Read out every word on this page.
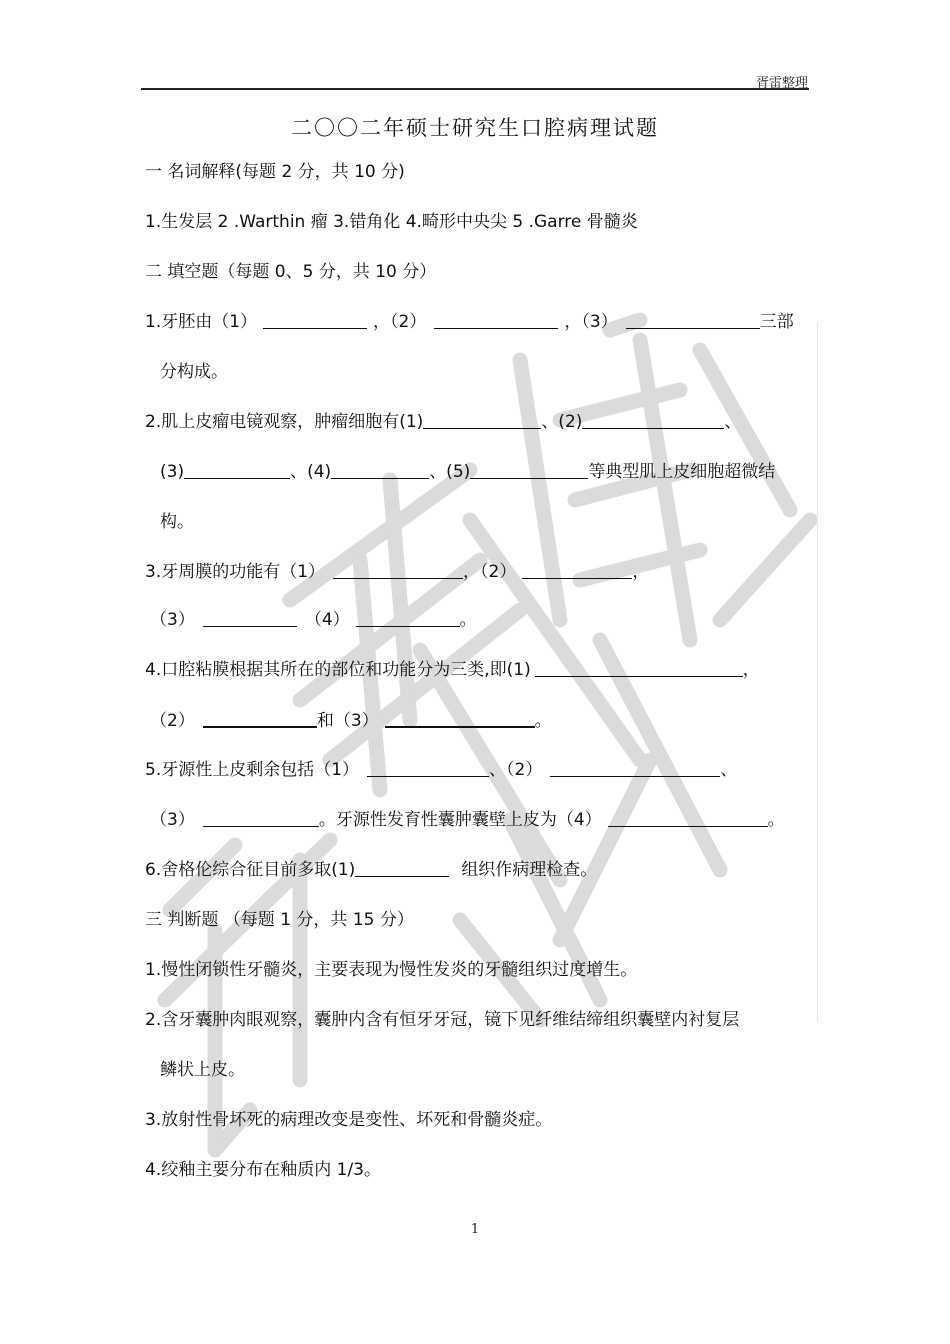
胥雷整理
二〇〇二年硕士研究生口腔病理试题
一 名词解释(每题 2 分，共 10 分)
1.生发层 2 .Warthin 瘤 3.错角化 4.畸形中央尖 5 .Garre 骨髓炎
二 填空题（每题 0、5 分，共 10 分）
1.牙胚由（1）	，（2）	，（3）	三部
分构成。
2.肌上皮瘤电镜观察，肿瘤细胞有(1)	、(2)	、
(3)	、(4)	、(5)	等典型肌上皮细胞超微结
构。
3.牙周膜的功能有（1）	，（2）	，
（3）	（4）	。
4.口腔粘膜根据其所在的部位和功能分为三类,即(1)	，
（2）	和（3）	。
5.牙源性上皮剩余包括（1）	、（2）	、
（3）	。牙源性发育性囊肿囊壁上皮为（4）	。
6.舍格伦综合征目前多取(1)	组织作病理检查。
三 判断题 （每题 1 分，共 15 分）
1.慢性闭锁性牙髓炎，主要表现为慢性发炎的牙髓组织过度增生。
2.含牙囊肿肉眼观察，囊肿内含有恒牙牙冠，镜下见纤维结缔组织囊壁内衬复层
鳞状上皮。
3.放射性骨坏死的病理改变是变性、坏死和骨髓炎症。
4.绞釉主要分布在釉质内 1/3。
1
